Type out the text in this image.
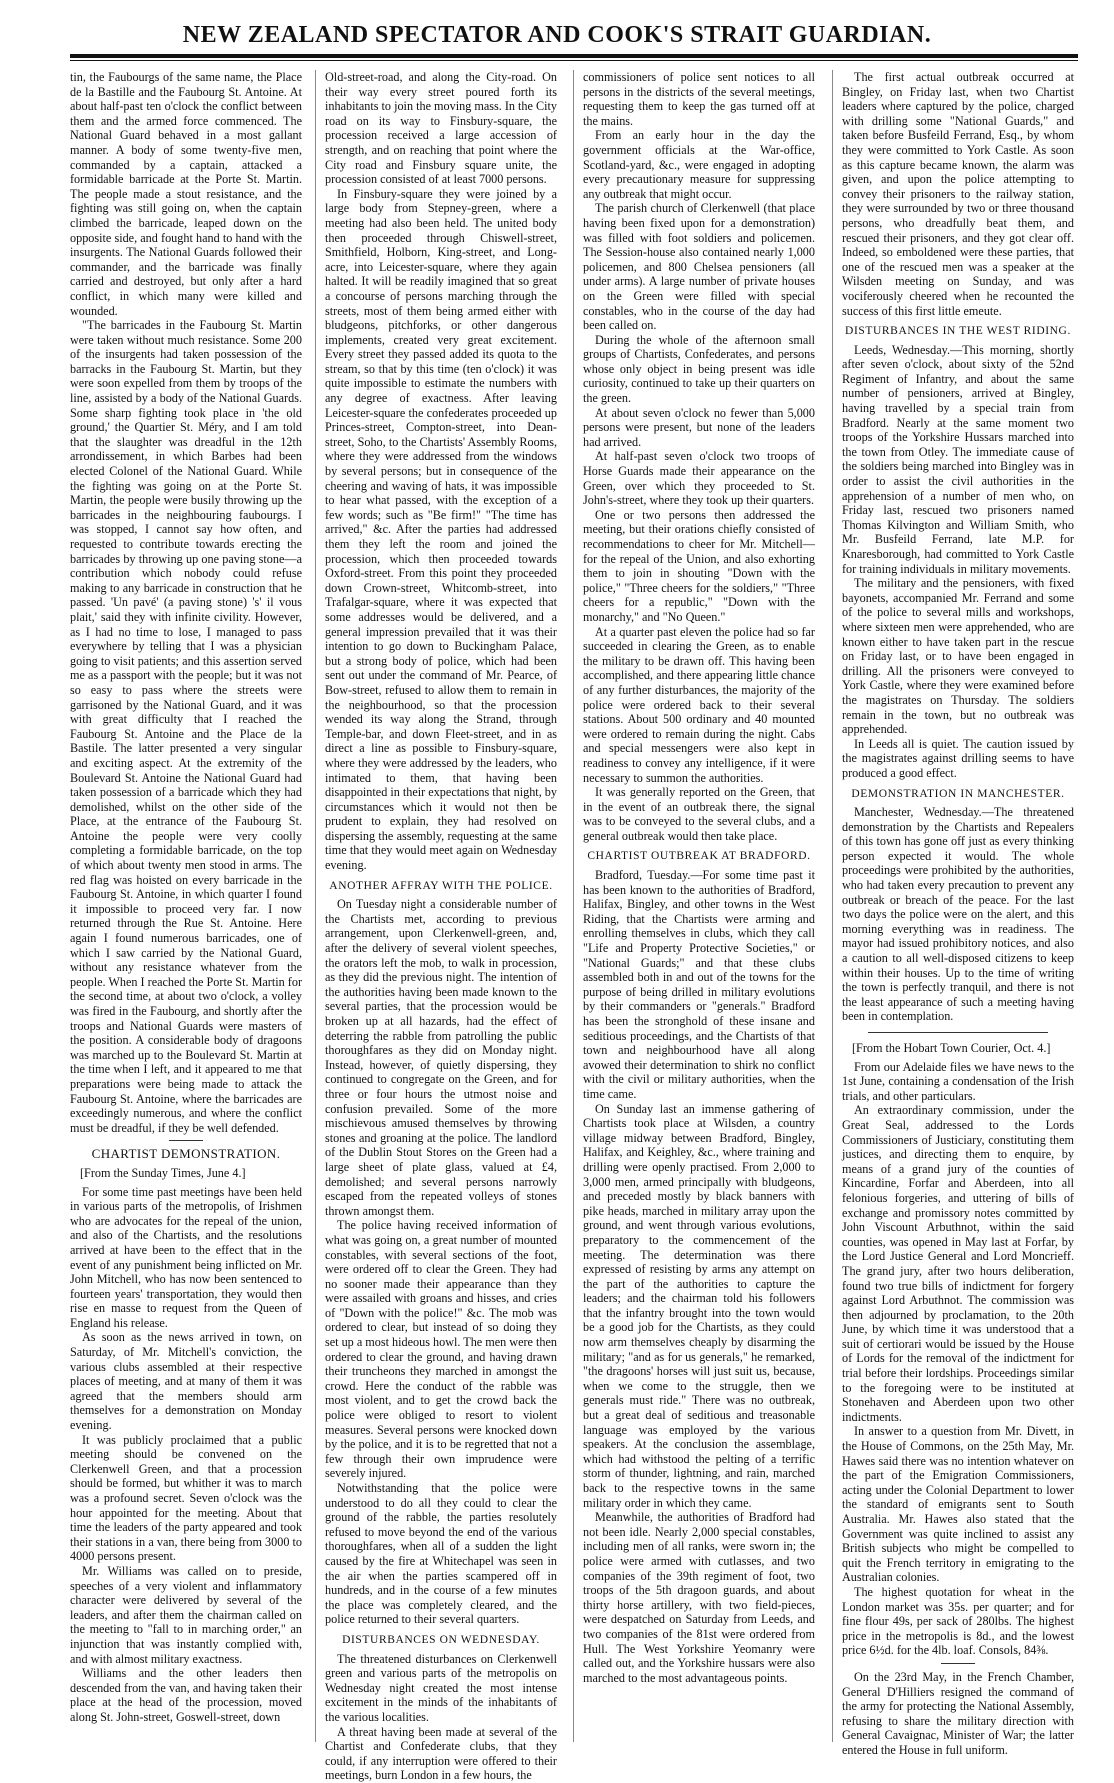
NEW ZEALAND SPECTATOR AND COOK'S STRAIT GUARDIAN.

tin, the Faubourgs of the same name, the Place de la Bastille and the Faubourg St. Antoine. At about half-past ten o'clock the conflict between them and the armed force commenced. The National Guard behaved in a most gallant manner. A body of some twenty-five men, commanded by a captain, attacked a formidable barricade at the Porte St. Martin. The people made a stout resistance, and the fighting was still going on, when the captain climbed the barricade, leaped down on the opposite side, and fought hand to hand with the insurgents. The National Guards followed their commander, and the barricade was finally carried and destroyed, but only after a hard conflict, in which many were killed and wounded.

"The barricades in the Faubourg St. Martin were taken without much resistance. Some 200 of the insurgents had taken possession of the barracks in the Faubourg St. Martin, but they were soon expelled from them by troops of the line, assisted by a body of the National Guards. Some sharp fighting took place in 'the old ground,' the Quartier St. Méry, and I am told that the slaughter was dreadful in the 12th arrondissement, in which Barbes had been elected Colonel of the National Guard. While the fighting was going on at the Porte St. Martin, the people were busily throwing up the barricades in the neighbouring faubourgs. I was stopped, I cannot say how often, and requested to contribute towards erecting the barricades by throwing up one paving stone—a contribution which nobody could refuse making to any barricade in construction that he passed. 'Un pavé' (a paving stone) 's' il vous plait,' said they with infinite civility. However, as I had no time to lose, I managed to pass everywhere by telling that I was a physician going to visit patients; and this assertion served me as a passport with the people; but it was not so easy to pass where the streets were garrisoned by the National Guard, and it was with great difficulty that I reached the Faubourg St. Antoine and the Place de la Bastile. The latter presented a very singular and exciting aspect. At the extremity of the Boulevard St. Antoine the National Guard had taken possession of a barricade which they had demolished, whilst on the other side of the Place, at the entrance of the Faubourg St. Antoine the people were very coolly completing a formidable barricade, on the top of which about twenty men stood in arms. The red flag was hoisted on every barricade in the Faubourg St. Antoine, in which quarter I found it impossible to proceed very far. I now returned through the Rue St. Antoine. Here again I found numerous barricades, one of which I saw carried by the National Guard, without any resistance whatever from the people. When I reached the Porte St. Martin for the second time, at about two o'clock, a volley was fired in the Faubourg, and shortly after the troops and National Guards were masters of the position. A considerable body of dragoons was marched up to the Boulevard St. Martin at the time when I left, and it appeared to me that preparations were being made to attack the Faubourg St. Antoine, where the barricades are exceedingly numerous, and where the conflict must be dreadful, if they be well defended.

CHARTIST DEMONSTRATION.
[From the Sunday Times, June 4.]

For some time past meetings have been held in various parts of the metropolis, of Irishmen who are advocates for the repeal of the union, and also of the Chartists, and the resolutions arrived at have been to the effect that in the event of any punishment being inflicted on Mr. John Mitchell, who has now been sentenced to fourteen years' transportation, they would then rise en masse to request from the Queen of England his release.

As soon as the news arrived in town, on Saturday, of Mr. Mitchell's conviction, the various clubs assembled at their respective places of meeting, and at many of them it was agreed that the members should arm themselves for a demonstration on Monday evening.

It was publicly proclaimed that a public meeting should be convened on the Clerkenwell Green, and that a procession should be formed, but whither it was to march was a profound secret. Seven o'clock was the hour appointed for the meeting. About that time the leaders of the party appeared and took their stations in a van, there being from 3000 to 4000 persons present.

Mr. Williams was called on to preside, speeches of a very violent and inflammatory character were delivered by several of the leaders, and after them the chairman called on the meeting to "fall to in marching order," an injunction that was instantly complied with, and with almost military exactness.

Williams and the other leaders then descended from the van, and having taken their place at the head of the procession, moved along St. John-street, Goswell-street, down

Old-street-road, and along the City-road. On their way every street poured forth its inhabitants to join the moving mass. In the City road on its way to Finsbury-square, the procession received a large accession of strength, and on reaching that point where the City road and Finsbury square unite, the procession consisted of at least 7000 persons.

In Finsbury-square they were joined by a large body from Stepney-green, where a meeting had also been held. The united body then proceeded through Chiswell-street, Smithfield, Holborn, King-street, and Long-acre, into Leicester-square, where they again halted. It will be readily imagined that so great a concourse of persons marching through the streets, most of them being armed either with bludgeons, pitchforks, or other dangerous implements, created very great excitement. Every street they passed added its quota to the stream, so that by this time (ten o'clock) it was quite impossible to estimate the numbers with any degree of exactness. After leaving Leicester-square the confederates proceeded up Princes-street, Compton-street, into Dean-street, Soho, to the Chartists' Assembly Rooms, where they were addressed from the windows by several persons; but in consequence of the cheering and waving of hats, it was impossible to hear what passed, with the exception of a few words; such as "Be firm!" "The time has arrived," &c. After the parties had addressed them they left the room and joined the procession, which then proceeded towards Oxford-street. From this point they proceeded down Crown-street, Whitcomb-street, into Trafalgar-square, where it was expected that some addresses would be delivered, and a general impression prevailed that it was their intention to go down to Buckingham Palace, but a strong body of police, which had been sent out under the command of Mr. Pearce, of Bow-street, refused to allow them to remain in the neighbourhood, so that the procession wended its way along the Strand, through Temple-bar, and down Fleet-street, and in as direct a line as possible to Finsbury-square, where they were addressed by the leaders, who intimated to them, that having been disappointed in their expectations that night, by circumstances which it would not then be prudent to explain, they had resolved on dispersing the assembly, requesting at the same time that they would meet again on Wednesday evening.

ANOTHER AFFRAY WITH THE POLICE.

On Tuesday night a considerable number of the Chartists met, according to previous arrangement, upon Clerkenwell-green, and, after the delivery of several violent speeches, the orators left the mob, to walk in procession, as they did the previous night. The intention of the authorities having been made known to the several parties, that the procession would be broken up at all hazards, had the effect of deterring the rabble from patrolling the public thoroughfares as they did on Monday night. Instead, however, of quietly dispersing, they continued to congregate on the Green, and for three or four hours the utmost noise and confusion prevailed. Some of the more mischievous amused themselves by throwing stones and groaning at the police. The landlord of the Dublin Stout Stores on the Green had a large sheet of plate glass, valued at £4, demolished; and several persons narrowly escaped from the repeated volleys of stones thrown amongst them.

The police having received information of what was going on, a great number of mounted constables, with several sections of the foot, were ordered off to clear the Green. They had no sooner made their appearance than they were assailed with groans and hisses, and cries of "Down with the police!" &c. The mob was ordered to clear, but instead of so doing they set up a most hideous howl. The men were then ordered to clear the ground, and having drawn their truncheons they marched in amongst the crowd. Here the conduct of the rabble was most violent, and to get the crowd back the police were obliged to resort to violent measures. Several persons were knocked down by the police, and it is to be regretted that not a few through their own imprudence were severely injured.

Notwithstanding that the police were understood to do all they could to clear the ground of the rabble, the parties resolutely refused to move beyond the end of the various thoroughfares, when all of a sudden the light caused by the fire at Whitechapel was seen in the air when the parties scampered off in hundreds, and in the course of a few minutes the place was completely cleared, and the police returned to their several quarters.

DISTURBANCES ON WEDNESDAY.

The threatened disturbances on Clerkenwell green and various parts of the metropolis on Wednesday night created the most intense excitement in the minds of the inhabitants of the various localities.

A threat having been made at several of the Chartist and Confederate clubs, that they could, if any interruption were offered to their meetings, burn London in a few hours, the

commissioners of police sent notices to all persons in the districts of the several meetings, requesting them to keep the gas turned off at the mains.

From an early hour in the day the government officials at the War-office, Scotland-yard, &c., were engaged in adopting every precautionary measure for suppressing any outbreak that might occur.

The parish church of Clerkenwell (that place having been fixed upon for a demonstration) was filled with foot soldiers and policemen. The Session-house also contained nearly 1,000 policemen, and 800 Chelsea pensioners (all under arms). A large number of private houses on the Green were filled with special constables, who in the course of the day had been called on.

During the whole of the afternoon small groups of Chartists, Confederates, and persons whose only object in being present was idle curiosity, continued to take up their quarters on the green.

At about seven o'clock no fewer than 5,000 persons were present, but none of the leaders had arrived.

At half-past seven o'clock two troops of Horse Guards made their appearance on the Green, over which they proceeded to St. John's-street, where they took up their quarters.

One or two persons then addressed the meeting, but their orations chiefly consisted of recommendations to cheer for Mr. Mitchell—for the repeal of the Union, and also exhorting them to join in shouting "Down with the police," "Three cheers for the soldiers," "Three cheers for a republic," "Down with the monarchy," and "No Queen."

At a quarter past eleven the police had so far succeeded in clearing the Green, as to enable the military to be drawn off. This having been accomplished, and there appearing little chance of any further disturbances, the majority of the police were ordered back to their several stations. About 500 ordinary and 40 mounted were ordered to remain during the night. Cabs and special messengers were also kept in readiness to convey any intelligence, if it were necessary to summon the authorities.

It was generally reported on the Green, that in the event of an outbreak there, the signal was to be conveyed to the several clubs, and a general outbreak would then take place.

CHARTIST OUTBREAK AT BRADFORD.

Bradford, Tuesday.—For some time past it has been known to the authorities of Bradford, Halifax, Bingley, and other towns in the West Riding, that the Chartists were arming and enrolling themselves in clubs, which they call "Life and Property Protective Societies," or "National Guards;" and that these clubs assembled both in and out of the towns for the purpose of being drilled in military evolutions by their commanders or "generals." Bradford has been the stronghold of these insane and seditious proceedings, and the Chartists of that town and neighbourhood have all along avowed their determination to shirk no conflict with the civil or military authorities, when the time came.

On Sunday last an immense gathering of Chartists took place at Wilsden, a country village midway between Bradford, Bingley, Halifax, and Keighley, &c., where training and drilling were openly practised. From 2,000 to 3,000 men, armed principally with bludgeons, and preceded mostly by black banners with pike heads, marched in military array upon the ground, and went through various evolutions, preparatory to the commencement of the meeting. The determination was there expressed of resisting by arms any attempt on the part of the authorities to capture the leaders; and the chairman told his followers that the infantry brought into the town would be a good job for the Chartists, as they could now arm themselves cheaply by disarming the military; "and as for us generals," he remarked, "the dragoons' horses will just suit us, because, when we come to the struggle, then we generals must ride." There was no outbreak, but a great deal of seditious and treasonable language was employed by the various speakers. At the conclusion the assemblage, which had withstood the pelting of a terrific storm of thunder, lightning, and rain, marched back to the respective towns in the same military order in which they came.

Meanwhile, the authorities of Bradford had not been idle. Nearly 2,000 special constables, including men of all ranks, were sworn in; the police were armed with cutlasses, and two companies of the 39th regiment of foot, two troops of the 5th dragoon guards, and about thirty horse artillery, with two field-pieces, were despatched on Saturday from Leeds, and two companies of the 81st were ordered from Hull. The West Yorkshire Yeomanry were called out, and the Yorkshire hussars were also marched to the most advantageous points.

The first actual outbreak occurred at Bingley, on Friday last, when two Chartist leaders where captured by the police, charged with drilling some "National Guards," and taken before Busfeild Ferrand, Esq., by whom they were committed to York Castle. As soon as this capture became known, the alarm was given, and upon the police attempting to convey their prisoners to the railway station, they were surrounded by two or three thousand persons, who dreadfully beat them, and rescued their prisoners, and they got clear off. Indeed, so emboldened were these parties, that one of the rescued men was a speaker at the Wilsden meeting on Sunday, and was vociferously cheered when he recounted the success of this first little emeute.

DISTURBANCES IN THE WEST RIDING.

Leeds, Wednesday.—This morning, shortly after seven o'clock, about sixty of the 52nd Regiment of Infantry, and about the same number of pensioners, arrived at Bingley, having travelled by a special train from Bradford. Nearly at the same moment two troops of the Yorkshire Hussars marched into the town from Otley. The immediate cause of the soldiers being marched into Bingley was in order to assist the civil authorities in the apprehension of a number of men who, on Friday last, rescued two prisoners named Thomas Kilvington and William Smith, who Mr. Busfeild Ferrand, late M.P. for Knaresborough, had committed to York Castle for training individuals in military movements.

The military and the pensioners, with fixed bayonets, accompanied Mr. Ferrand and some of the police to several mills and workshops, where sixteen men were apprehended, who are known either to have taken part in the rescue on Friday last, or to have been engaged in drilling. All the prisoners were conveyed to York Castle, where they were examined before the magistrates on Thursday. The soldiers remain in the town, but no outbreak was apprehended.

In Leeds all is quiet. The caution issued by the magistrates against drilling seems to have produced a good effect.

DEMONSTRATION IN MANCHESTER.

Manchester, Wednesday.—The threatened demonstration by the Chartists and Repealers of this town has gone off just as every thinking person expected it would. The whole proceedings were prohibited by the authorities, who had taken every precaution to prevent any outbreak or breach of the peace. For the last two days the police were on the alert, and this morning everything was in readiness. The mayor had issued prohibitory notices, and also a caution to all well-disposed citizens to keep within their houses. Up to the time of writing the town is perfectly tranquil, and there is not the least appearance of such a meeting having been in contemplation.

[From the Hobart Town Courier, Oct. 4.]

From our Adelaide files we have news to the 1st June, containing a condensation of the Irish trials, and other particulars.

An extraordinary commission, under the Great Seal, addressed to the Lords Commissioners of Justiciary, constituting them justices, and directing them to enquire, by means of a grand jury of the counties of Kincardine, Forfar and Aberdeen, into all felonious forgeries, and uttering of bills of exchange and promissory notes committed by John Viscount Arbuthnot, within the said counties, was opened in May last at Forfar, by the Lord Justice General and Lord Moncrieff. The grand jury, after two hours deliberation, found two true bills of indictment for forgery against Lord Arbuthnot. The commission was then adjourned by proclamation, to the 20th June, by which time it was understood that a suit of certiorari would be issued by the House of Lords for the removal of the indictment for trial before their lordships. Proceedings similar to the foregoing were to be instituted at Stonehaven and Aberdeen upon two other indictments.

In answer to a question from Mr. Divett, in the House of Commons, on the 25th May, Mr. Hawes said there was no intention whatever on the part of the Emigration Commissioners, acting under the Colonial Department to lower the standard of emigrants sent to South Australia. Mr. Hawes also stated that the Government was quite inclined to assist any British subjects who might be compelled to quit the French territory in emigrating to the Australian colonies.

The highest quotation for wheat in the London market was 35s. per quarter; and for fine flour 49s, per sack of 280lbs. The highest price in the metropolis is 8d., and the lowest price 6½d. for the 4lb. loaf. Consols, 84⅜.

On the 23rd May, in the French Chamber, General D'Hilliers resigned the command of the army for protecting the National Assembly, refusing to share the military direction with General Cavaignac, Minister of War; the latter entered the House in full uniform.
